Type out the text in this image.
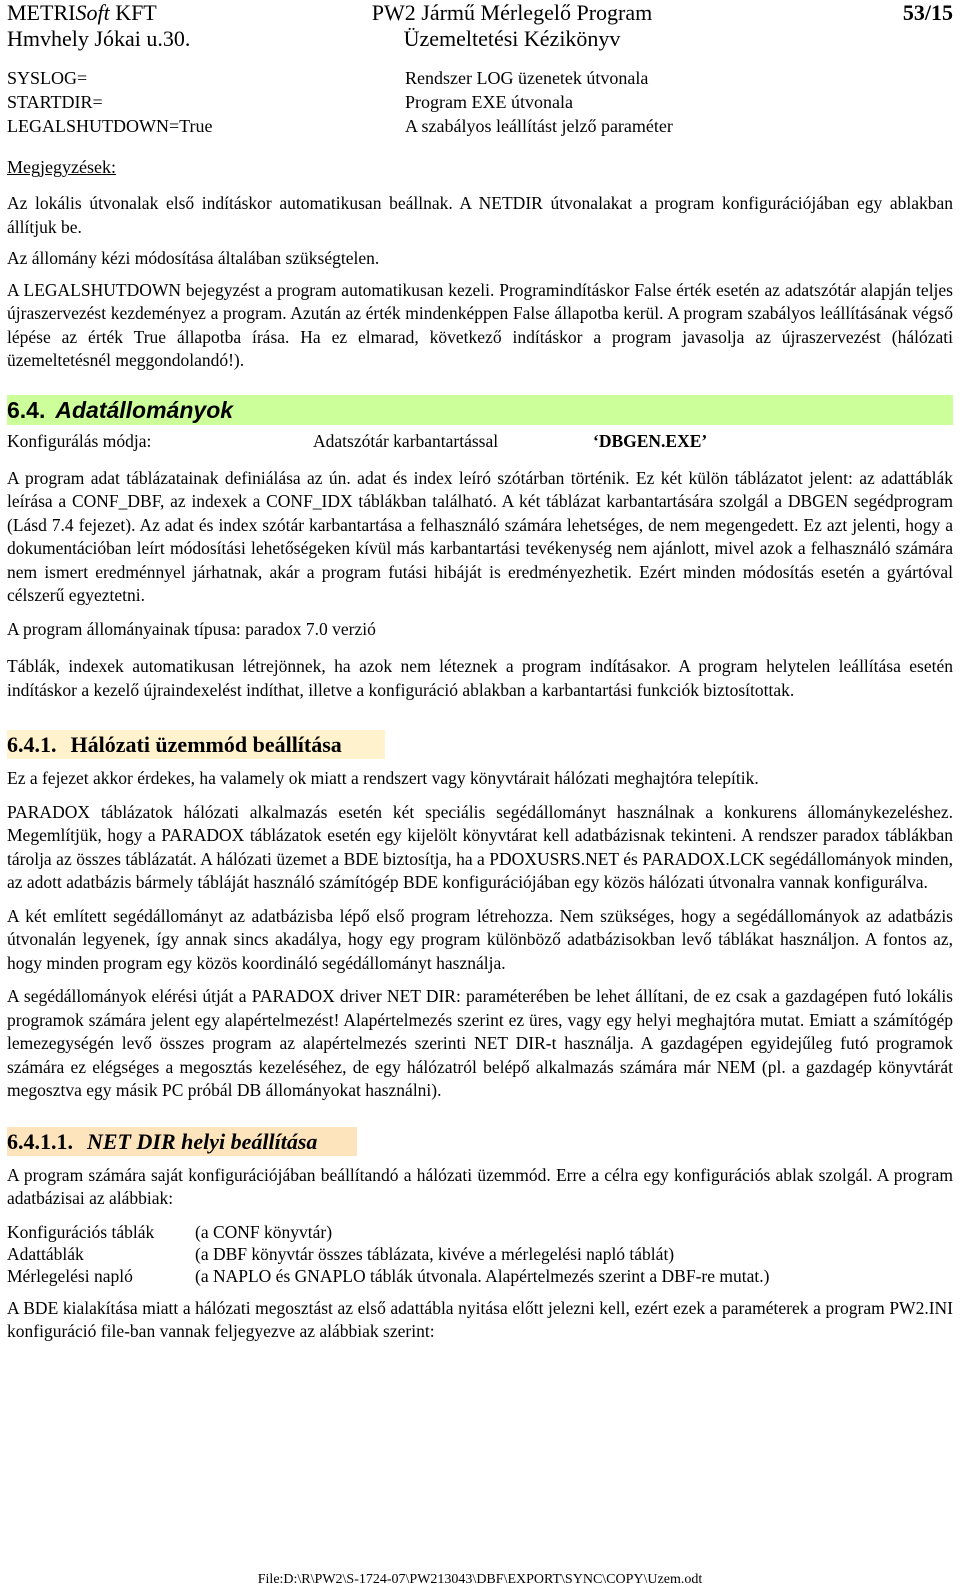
METRISoft KFT
Hmvhely Jókai u.30.
PW2 Jármű Mérlegelő Program
Üzemeltetési Kézikönyv
53/15
SYSLOG=	Rendszer LOG üzenetek útvonala
STARTDIR=	Program EXE útvonala
LEGALSHUTDOWN=True	A szabályos leállítást jelző paraméter
Megjegyzések:

Az lokális útvonalak első indításkor automatikusan beállnak. A NETDIR útvonalakat a program konfigurációjában egy ablakban állítjuk be.

Az állomány kézi módosítása általában szükségtelen.

A LEGALSHUTDOWN bejegyzést a program automatikusan kezeli. Programindításkor False érték esetén az adatszótár alapján teljes újraszervezést kezdeményez a program. Azután az érték mindenképpen False állapotba kerül. A program szabályos leállításának végső lépése az érték True állapotba írása. Ha ez elmarad, következő indításkor a program javasolja az újraszervezést (hálózati üzemeltetésnél meggondolandó!).

6.4. Adatállományok
Konfigurálás módja:	Adatszótár karbantartással	‘DBGEN.EXE’

A program adat táblázatainak definiálása az ún. adat és index leíró szótárban történik. Ez két külön táblázatot jelent: az adattáblák leírása a CONF_DBF, az indexek a CONF_IDX táblákban található. A két táblázat karbantartására szolgál a DBGEN segédprogram (Lásd 7.4 fejezet). Az adat és index szótár karbantartása a felhasználó számára lehetséges, de nem megengedett. Ez azt jelenti, hogy a dokumentációban leírt módosítási lehetőségeken kívül más karbantartási tevékenység nem ajánlott, mivel azok a felhasználó számára nem ismert eredménnyel járhatnak, akár a program futási hibáját is eredményezhetik. Ezért minden módosítás esetén a gyártóval célszerű egyeztetni.

A program állományainak típusa: paradox 7.0 verzió

Táblák, indexek automatikusan létrejönnek, ha azok nem léteznek a program indításakor. A program helytelen leállítása esetén indításkor a kezelő újraindexelést indíthat, illetve a konfiguráció ablakban a karbantartási funkciók biztosítottak.

6.4.1. Hálózati üzemmód beállítása

Ez a fejezet akkor érdekes, ha valamely ok miatt a rendszert vagy könyvtárait hálózati meghajtóra telepítik.

PARADOX táblázatok hálózati alkalmazás esetén két speciális segédállományt használnak a konkurens állománykezeléshez. Megemlítjük, hogy a PARADOX táblázatok esetén egy kijelölt könyvtárat kell adatbázisnak tekinteni. A rendszer paradox táblákban tárolja az összes táblázatát. A hálózati üzemet a BDE biztosítja, ha a PDOXUSRS.NET és PARADOX.LCK segédállományok minden, az adott adatbázis bármely tábláját használó számítógép BDE konfigurációjában egy közös hálózati útvonalra vannak konfigurálva.

A két említett segédállományt az adatbázisba lépő első program létrehozza. Nem szükséges, hogy a segédállományok az adatbázis útvonalán legyenek, így annak sincs akadálya, hogy egy program különböző adatbázisokban levő táblákat használjon. A fontos az, hogy minden program egy közös koordináló segédállományt használja.

A segédállományok elérési útját a PARADOX driver NET DIR: paraméterében be lehet állítani, de ez csak a gazdagépen futó lokális programok számára jelent egy alapértelmezést! Alapértelmezés szerint ez üres, vagy egy helyi meghajtóra mutat. Emiatt a számítógép lemezegységén levő összes program az alapértelmezés szerinti NET DIR-t használja. A gazdagépen egyidejűleg futó programok számára ez elégséges a megosztás kezeléséhez, de egy hálózatról belépő alkalmazás számára már NEM (pl. a gazdagép könyvtárát megosztva egy másik PC próbál DB állományokat használni).

6.4.1.1. NET DIR helyi beállítása

A program számára saját konfigurációjában beállítandó a hálózati üzemmód. Erre a célra egy konfigurációs ablak szolgál. A program adatbázisai az alábbiak:

Konfigurációs táblák (a CONF könyvtár)
Adattáblák	(a DBF könyvtár összes táblázata, kivéve a mérlegelési napló táblát)
Mérlegelési napló	(a NAPLO és GNAPLO táblák útvonala. Alapértelmezés szerint a DBF-re mutat.)

A BDE kialakítása miatt a hálózati megosztást az első adattábla nyitása előtt jelezni kell, ezért ezek a paraméterek a program PW2.INI konfiguráció file-ban vannak feljegyezve az alábbiak szerint:

File:D:\R\PW2\S-1724-07\PW213043\DBF\EXPORT\SYNC\COPY\Uzem.odt
